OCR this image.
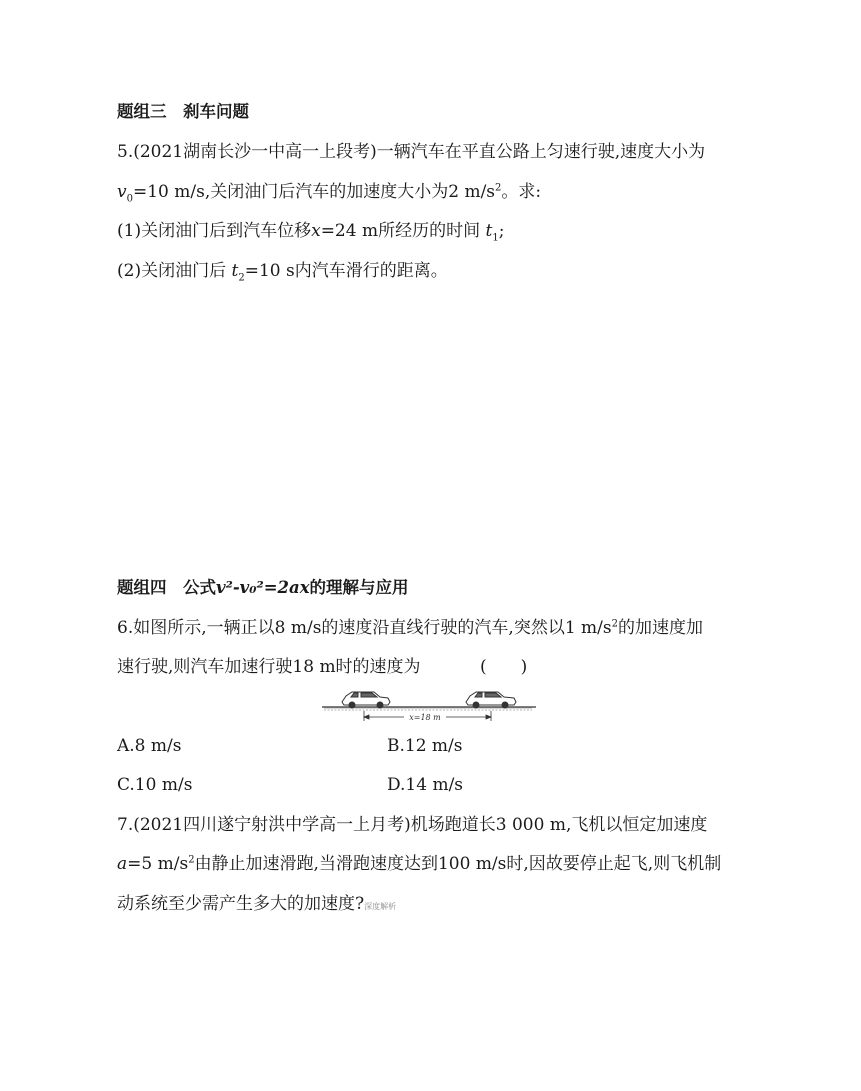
题组三　刹车问题
5.(2021湖南长沙一中高一上段考)一辆汽车在平直公路上匀速行驶,速度大小为
$v_0=10$ m/s,关闭油门后汽车的加速度大小为2 $m/s^2$。求:
(1)关闭油门后到汽车位移x=24 m所经历的时间 $t_1$;
(2)关闭油门后 $t_2=10$ s内汽车滑行的距离。
题组四　公式v²-v₀²=2ax的理解与应用
6.如图所示,一辆正以8 m/s的速度沿直线行驶的汽车,突然以1 $m/s^2$的加速度加
速行驶,则汽车加速行驶18 m时的速度为	(　　)
x=18 m
A.8 m/s	B.12 m/s
C.10 m/s	D.14 m/s
7.(2021四川遂宁射洪中学高一上月考)机场跑道长3 000 m,飞机以恒定加速度
a=5 $m/s^2$由静止加速滑跑,当滑跑速度达到100 m/s时,因故要停止起飞,则飞机制
动系统至少需产生多大的加速度?深度解析
